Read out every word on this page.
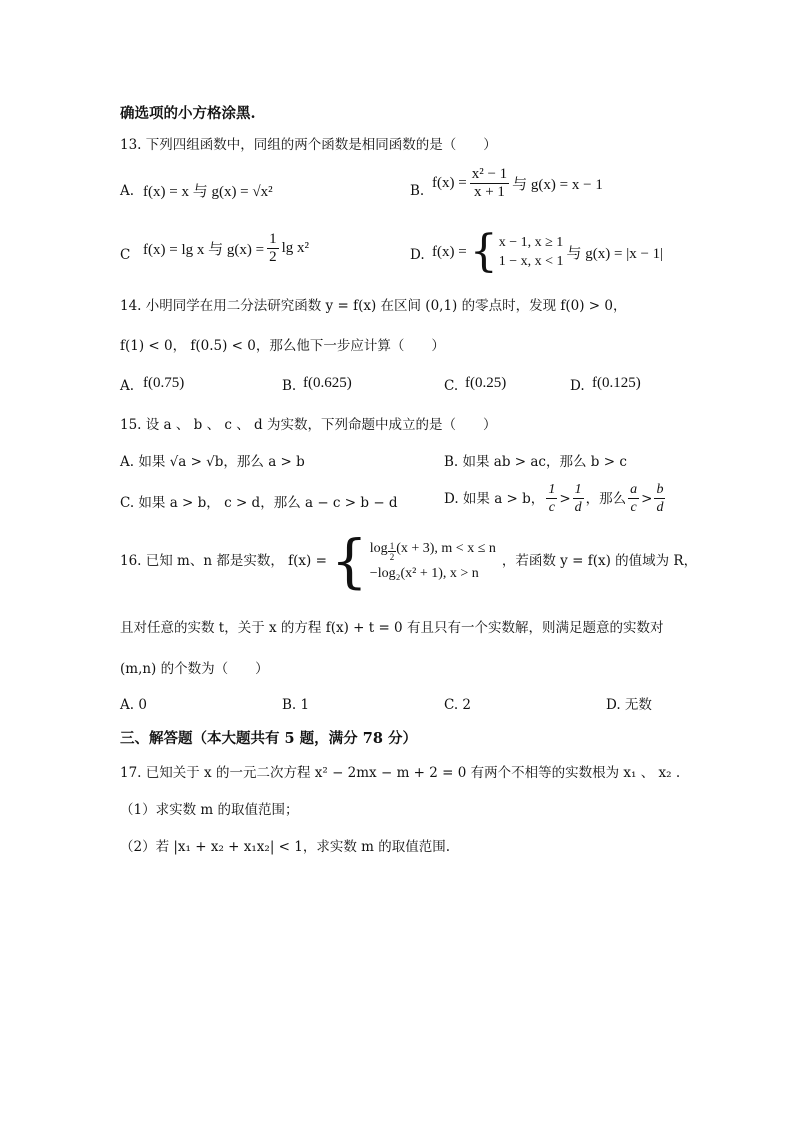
确选项的小方格涂黑.
13. 下列四组函数中，同组的两个函数是相同函数的是（　　）
A. f(x) = x 与 g(x) = √x²	B. $f(x) = \frac{\text{x² − 1}}{x + 1}$ 与 g(x) = x − 1
C f(x) = lg x 与 $g(x) = \frac{1}{2}$ lg x²	D. f(x) = { x − 1, x ≥ 1
1 − x, x < 1 与 g(x) = |x − 1|
14. 小明同学在用二分法研究函数 y = f(x) 在区间 (0,1) 的零点时，发现 f(0) > 0，
f(1) < 0， f(0.5) < 0，那么他下一步应计算（　　）
A. f(0.75)	B. f(0.625)	C. f(0.25)	D. f(0.125)
15. 设 a 、 b 、 c 、 d 为实数，下列命题中成立的是（　　）
A. 如果 √a > √b，那么 a > b	B. 如果 ab > ac，那么 b > c
C. 如果 a > b， c > d，那么 a − c > b − d	D. 如果 a > b， $\frac{1}{c} > \frac{1}{d}$ ，那么 $\frac{a}{c} > \frac{b}{d}$
16. 已知 m、n 都是实数， f(x) = { $\log \frac{1}{2} (x + 3)$, m < x ≤ n
−log₂(x² + 1), x > n
，若函数 y = f(x) 的值域为 R，
且对任意的实数 t，关于 x 的方程 f(x) + t = 0 有且只有一个实数解，则满足题意的实数对
(m,n) 的个数为（　　）
A. 0	B. 1	C. 2	D. 无数
三、解答题（本大题共有 5 题，满分 78 分）
17. 已知关于 x 的一元二次方程 x² − 2mx − m + 2 = 0 有两个不相等的实数根为 x₁ 、 x₂ .
（1）求实数 m 的取值范围；
（2）若 |x₁ + x₂ + x₁x₂| < 1，求实数 m 的取值范围.
